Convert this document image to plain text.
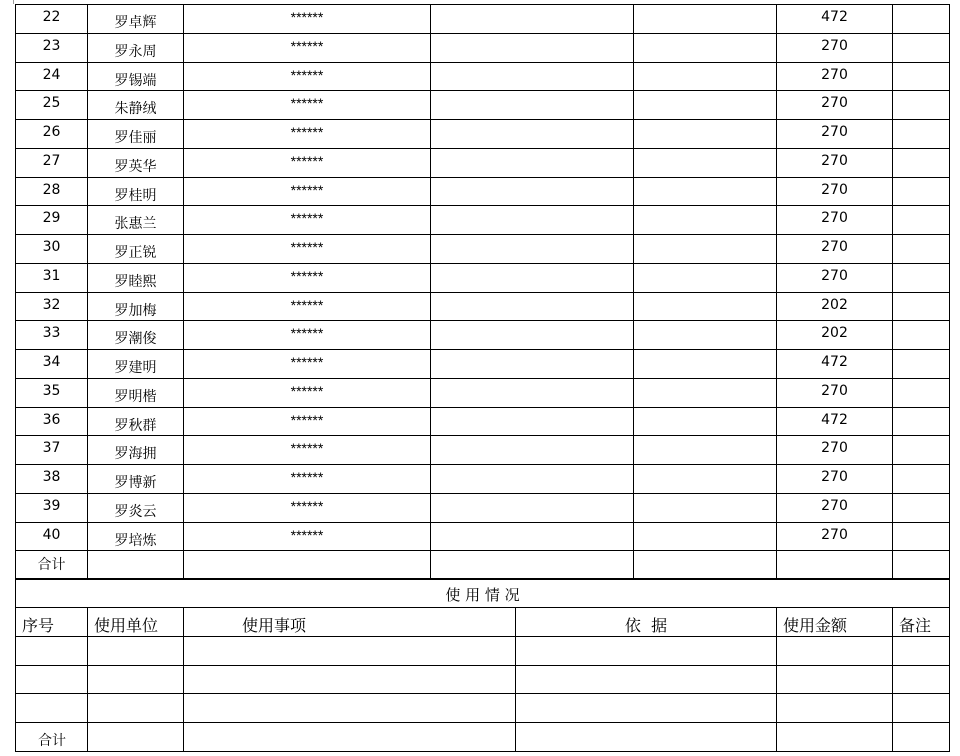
22	罗卓辉	******			472	
23	罗永周	******			270	
24	罗锡端	******			270	
25	朱静绒	******			270	
26	罗佳丽	******			270	
27	罗英华	******			270	
28	罗桂明	******			270	
29	张惠兰	******			270	
30	罗正锐	******			270	
31	罗睦熙	******			270	
32	罗加梅	******			202	
33	罗潮俊	******			202	
34	罗建明	******			472	
35	罗明楷	******			270	
36	罗秋群	******			472	
37	罗海拥	******			270	
38	罗博新	******			270	
39	罗炎云	******			270	
40	罗培炼	******			270	
合计						
使 用 情 况					
序号	使用单位	使用事项	依  据	使用金额	备注

合计					
